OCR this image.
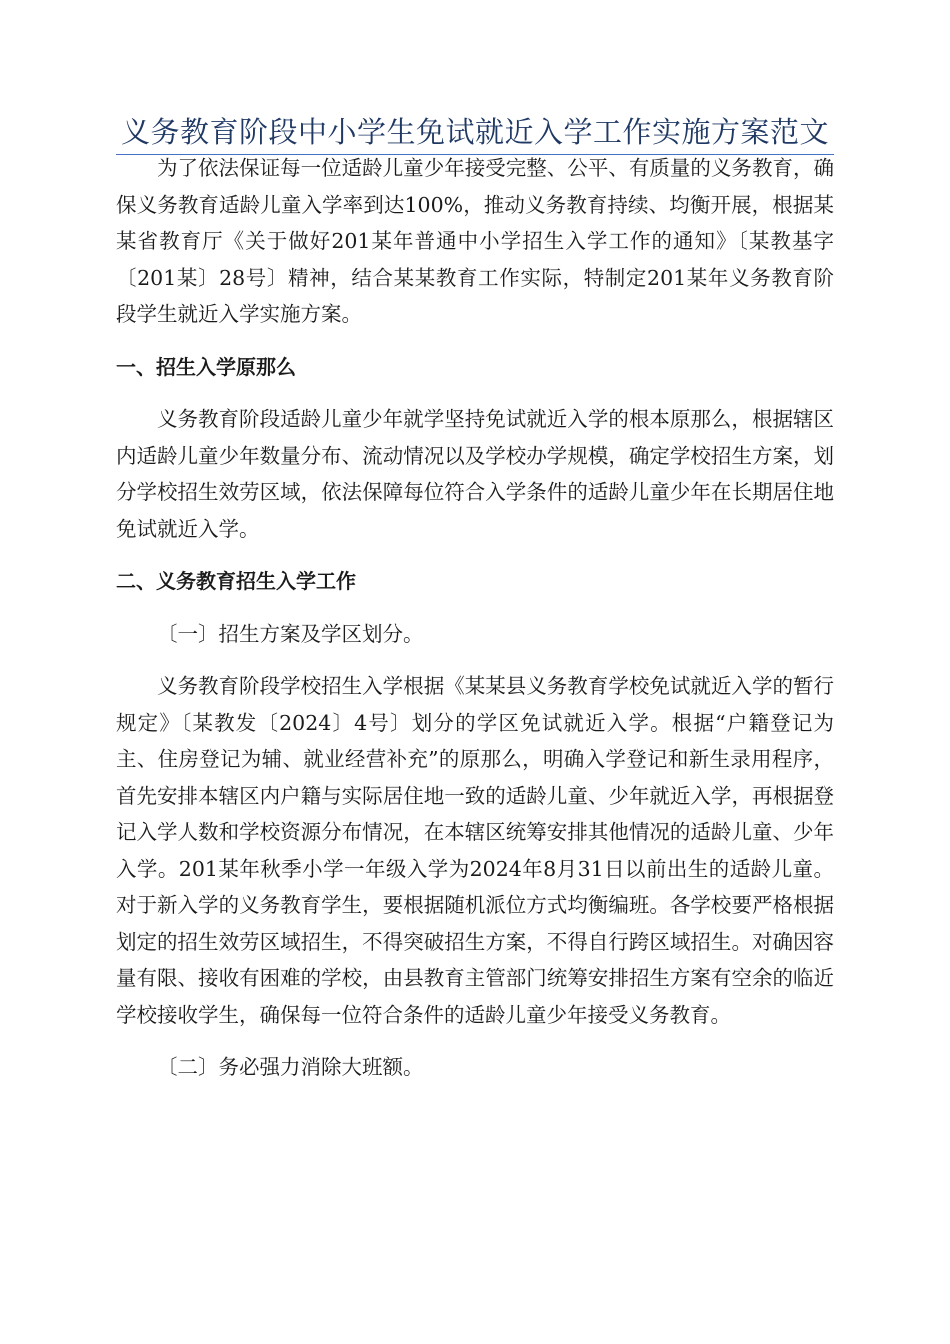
义务教育阶段中小学生免试就近入学工作实施方案范文

为了依法保证每一位适龄儿童少年接受完整、公平、有质量的义务教育，确保义务教育适龄儿童入学率到达100%，推动义务教育持续、均衡开展，根据某某省教育厅《关于做好201某年普通中小学招生入学工作的通知》〔某教基字〔201某〕28号〕精神，结合某某教育工作实际，特制定201某年义务教育阶段学生就近入学实施方案。

一、招生入学原那么

义务教育阶段适龄儿童少年就学坚持免试就近入学的根本原那么，根据辖区内适龄儿童少年数量分布、流动情况以及学校办学规模，确定学校招生方案，划分学校招生效劳区域，依法保障每位符合入学条件的适龄儿童少年在长期居住地免试就近入学。

二、义务教育招生入学工作

〔一〕招生方案及学区划分。

义务教育阶段学校招生入学根据《某某县义务教育学校免试就近入学的暂行规定》〔某教发〔2024〕4号〕划分的学区免试就近入学。根据“户籍登记为主、住房登记为辅、就业经营补充”的原那么，明确入学登记和新生录用程序，首先安排本辖区内户籍与实际居住地一致的适龄儿童、少年就近入学，再根据登记入学人数和学校资源分布情况，在本辖区统筹安排其他情况的适龄儿童、少年入学。201某年秋季小学一年级入学为2024年8月31日以前出生的适龄儿童。对于新入学的义务教育学生，要根据随机派位方式均衡编班。各学校要严格根据划定的招生效劳区域招生，不得突破招生方案，不得自行跨区域招生。对确因容量有限、接收有困难的学校，由县教育主管部门统筹安排招生方案有空余的临近学校接收学生，确保每一位符合条件的适龄儿童少年接受义务教育。

〔二〕务必强力消除大班额。
